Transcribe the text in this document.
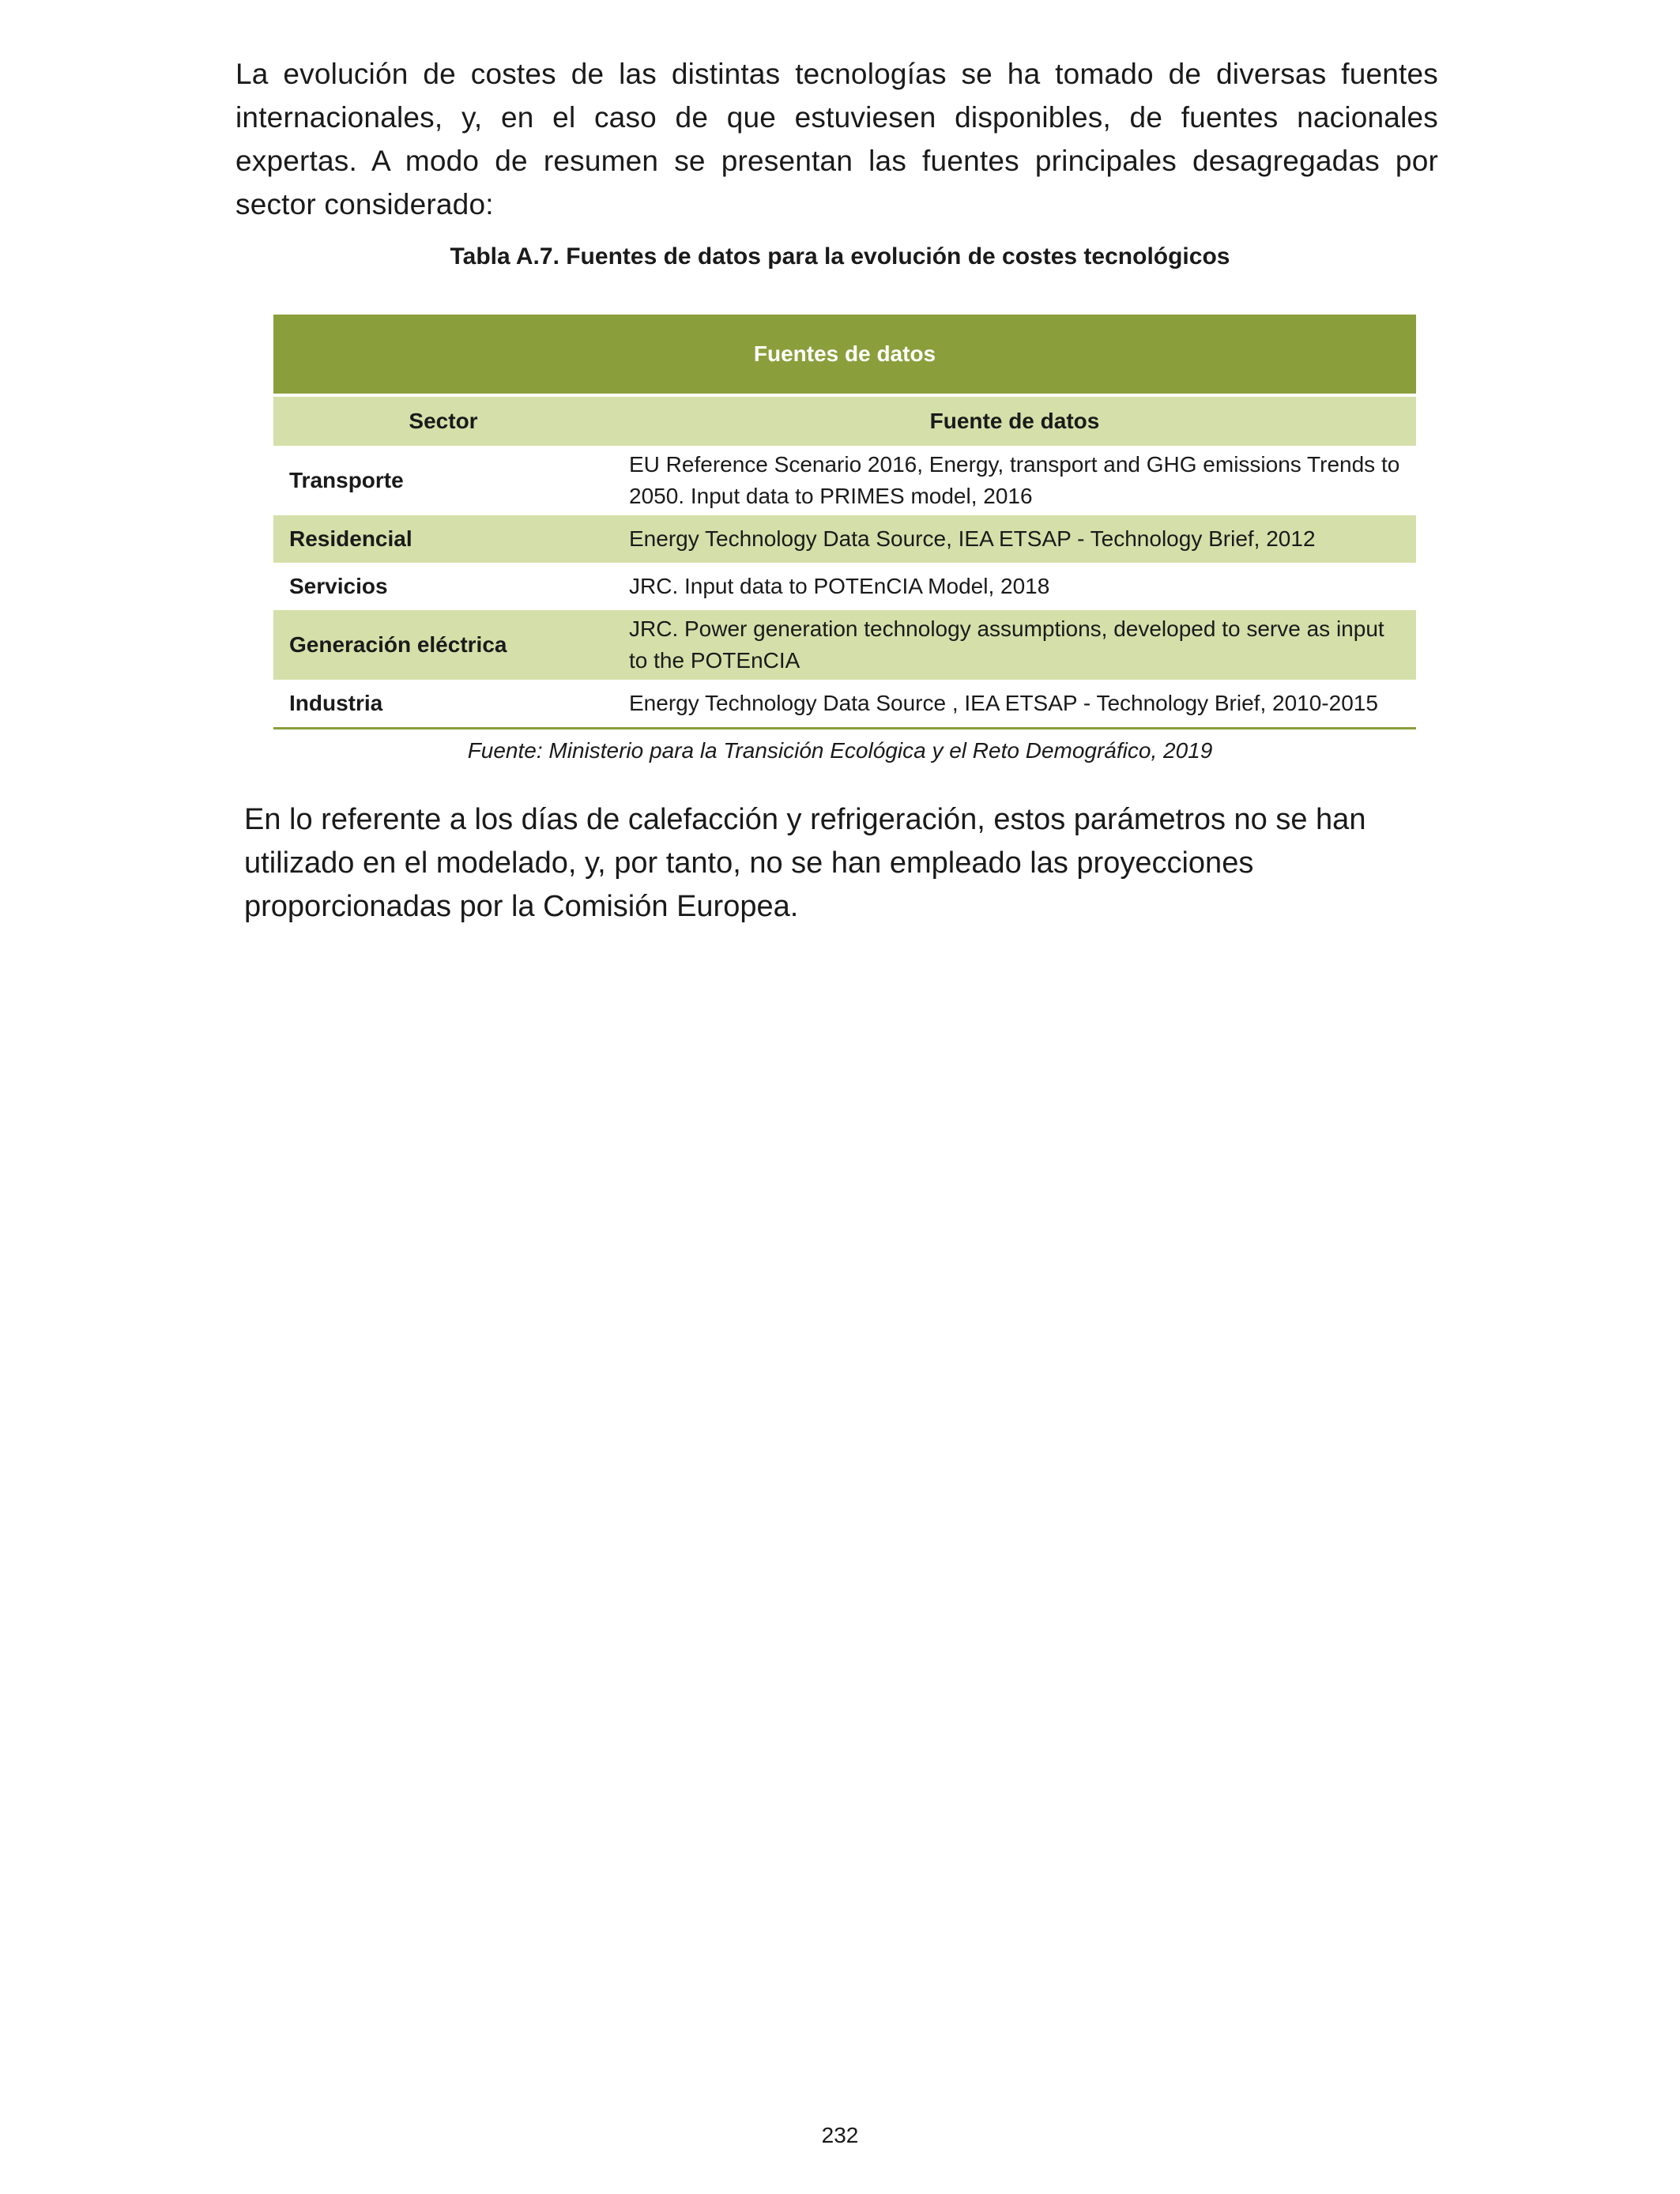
La evolución de costes de las distintas tecnologías se ha tomado de diversas fuentes internacionales, y, en el caso de que estuviesen disponibles, de fuentes nacionales expertas. A modo de resumen se presentan las fuentes principales desagregadas por sector considerado:

Tabla A.7. Fuentes de datos para la evolución de costes tecnológicos

Fuentes de datos	
Sector	Fuente de datos
Transporte	EU Reference Scenario 2016, Energy, transport and GHG emissions Trends to 2050. Input data to PRIMES model, 2016
Residencial	Energy Technology Data Source, IEA ETSAP - Technology Brief, 2012
Servicios	JRC. Input data to POTEnCIA Model, 2018
Generación eléctrica	JRC. Power generation technology assumptions, developed to serve as input to the POTEnCIA
Industria	Energy Technology Data Source , IEA ETSAP - Technology Brief, 2010-2015

Fuente: Ministerio para la Transición Ecológica y el Reto Demográfico, 2019

En lo referente a los días de calefacción y refrigeración, estos parámetros no se han utilizado en el modelado, y, por tanto, no se han empleado las proyecciones proporcionadas por la Comisión Europea.

232
